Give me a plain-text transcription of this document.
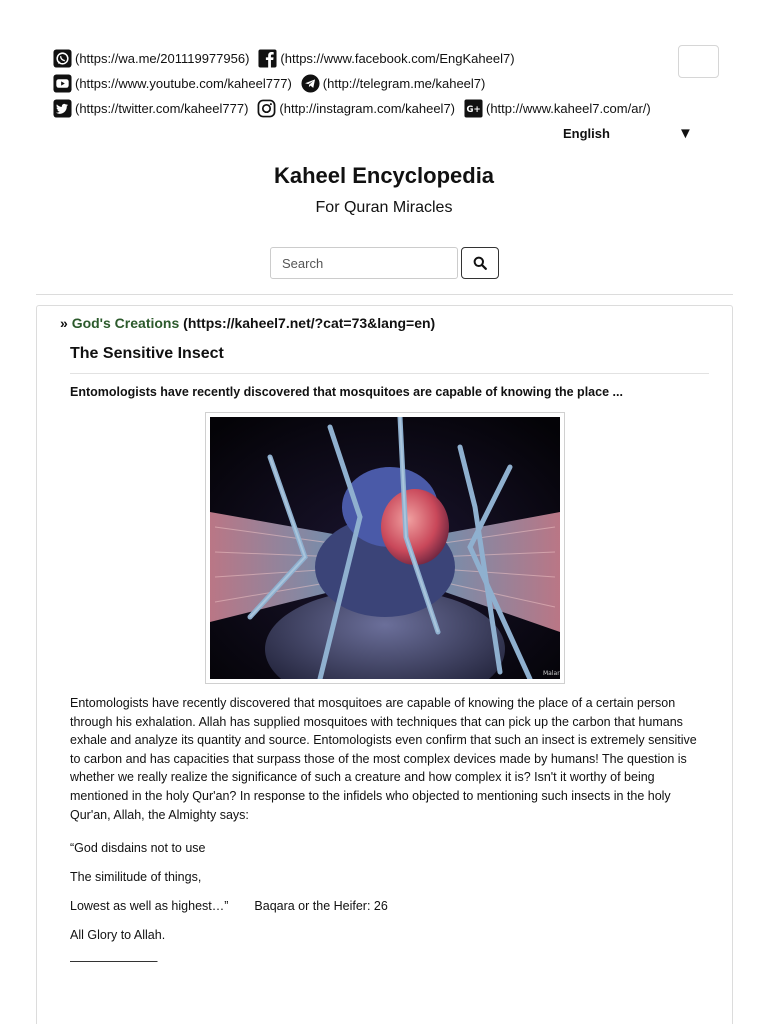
(https://wa.me/201119977956) (https://www.facebook.com/EngKaheel7)
(https://www.youtube.com/kaheel777) (http://telegram.me/kaheel7)
(https://twitter.com/kaheel777) (http://instagram.com/kaheel7) G+ (http://www.kaheel7.com/ar/)
English	▼
Kaheel Encyclopedia
For Quran Miracles
Search
» God's Creations (https://kaheel7.net/?cat=73&lang=en)
The Sensitive Insect
Entomologists have recently discovered that mosquitoes are capable of knowing the place ...
Malar
Entomologists have recently discovered that mosquitoes are capable of knowing the place of a certain person through his exhalation. Allah has supplied mosquitoes with techniques that can pick up the carbon that humans exhale and analyze its quantity and source. Entomologists even confirm that such an insect is extremely sensitive to carbon and has capacities that surpass those of the most complex devices made by humans! The question is whether we really realize the significance of such a creature and how complex it is? Isn't it worthy of being mentioned in the holy Qur'an? In response to the infidels who objected to mentioning such insects in the holy Qur'an, Allah, the Almighty says:
“God disdains not to use
The similitude of things,
Lowest as well as highest…” Baqara or the Heifer: 26
All Glory to Allah.
———————
